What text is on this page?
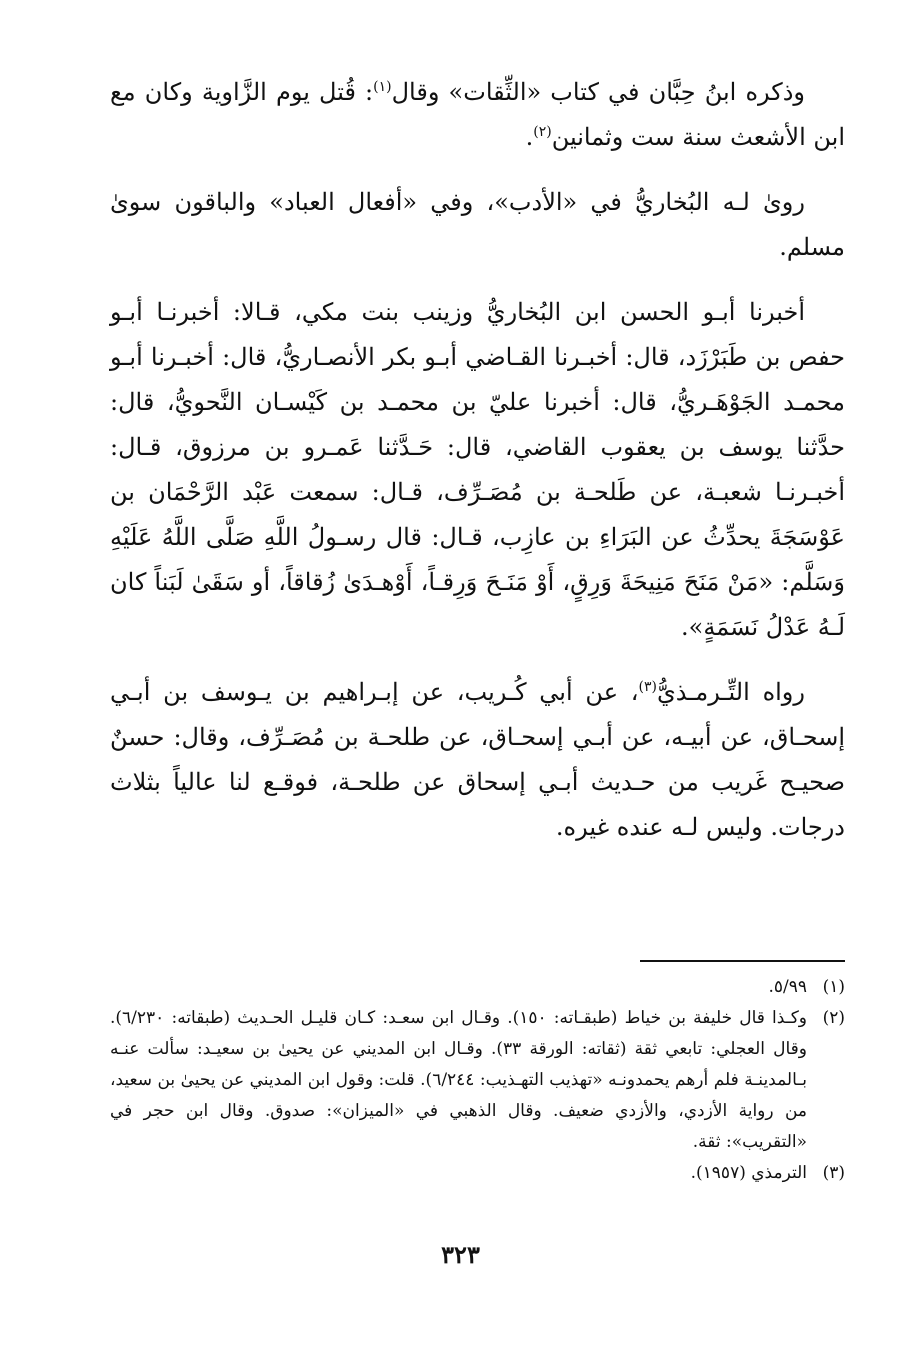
وذكره ابنُ حِبَّان في كتاب «الثِّقات» وقال$^{(١)}$: قُتل يوم الزَّاوية وكان مع ابن الأشعث سنة ست وثمانين$^{(٢)}$.

روىٰ لـه البُخاريُّ في «الأدب»، وفي «أفعال العباد» والباقون سوىٰ مسلم.

أخبرنا أبـو الحسن ابن البُخاريُّ وزينب بنت مكي، قـالا: أخبرنـا أبـو حفص بن طَبَرْزَد، قال: أخبـرنا القـاضي أبـو بكر الأنصـاريُّ، قال: أخبـرنا أبـو محمـد الجَوْهَـريُّ، قال: أخبرنا عليّ بن محمـد بن كَيْسـان النَّحويُّ، قال: حدَّثنا يوسف بن يعقوب القاضي، قال: حَـدَّثنا عَمـرو بن مرزوق، قـال: أخبـرنـا شعبـة، عن طَلحـة بن مُصَـرِّف، قـال: سمعت عَبْد الرَّحْمَان بن عَوْسَجَةَ يحدِّثُ عن البَرَاءِ بن عازِب، قـال: قال رسـولُ اللَّهِ صَلَّى اللَّهُ عَلَيْهِ وَسَلَّم: «مَنْ مَنَحَ مَنِيحَةَ وَرِقٍ، أَوْ مَنَـحَ وَرِقـاً، أَوْهـدَىٰ زُقاقاً، أو سَقَىٰ لَبَناً كان لَـهُ عَدْلُ نَسَمَةٍ».

رواه التِّـرمـذيُّ$^{(٣)}$، عن أبي كُـريب، عن إبـراهيم بن يـوسف بن أبـي إسحـاق، عن أبيـه، عن أبـي إسحـاق، عن طلحـة بن مُصَـرِّف، وقال: حسنٌ صحيـح غَريب من حـديث أبـي إسحاق عن طلحـة، فوقـع لنا عالياً بثلاث درجات. وليس لـه عنده غيره.

(١)
٥/٩٩.
(٢)
وكـذا قال خليفة بن خياط (طبقـاته: ١٥٠). وقـال ابن سعـد: كـان قليـل الحـديث (طبقاته: ٦/٢٣٠). وقال العجلي: تابعي ثقة (ثقاته: الورقة ٣٣). وقـال ابن المديني عن يحيىٰ بن سعيـد: سألت عنـه بـالمدينـة فلم أرهم يحمدونـه «تهذيب التهـذيب: ٦/٢٤٤). قلت: وقول ابن المديني عن يحيىٰ بن سعيد، من رواية الأزدي، والأزدي ضعيف. وقال الذهبي في «الميزان»: صدوق. وقال ابن حجر في «التقريب»: ثقة.
(٣)
الترمذي (١٩٥٧).
٣٢٣
